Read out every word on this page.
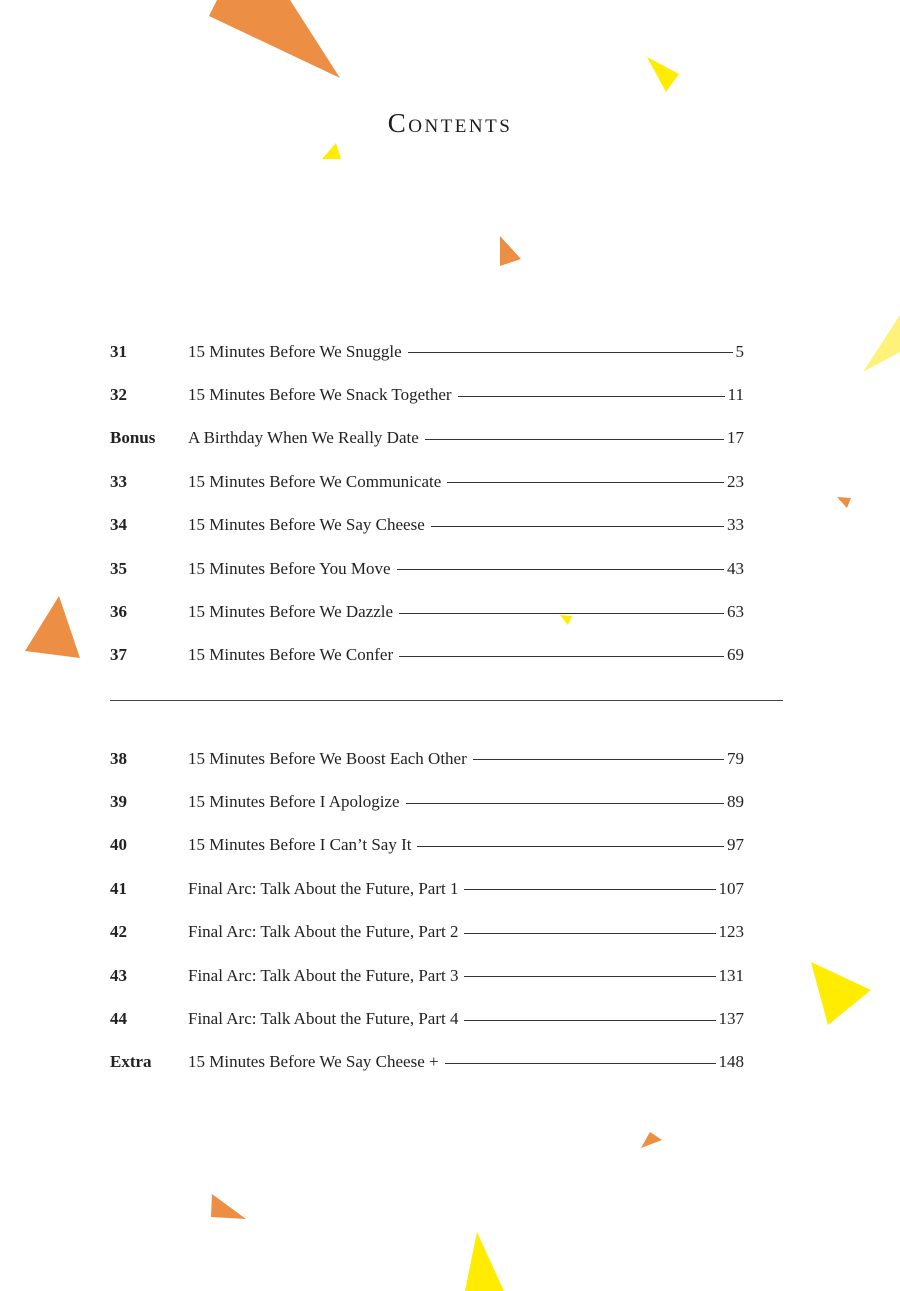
Contents
31	15 Minutes Before We Snuggle	5
32	15 Minutes Before We Snack Together	11
Bonus	A Birthday When We Really Date	17
33	15 Minutes Before We Communicate	23
34	15 Minutes Before We Say Cheese	33
35	15 Minutes Before You Move	43
36	15 Minutes Before We Dazzle	63
37	15 Minutes Before We Confer	69
38	15 Minutes Before We Boost Each Other	79
39	15 Minutes Before I Apologize	89
40	15 Minutes Before I Can’t Say It	97
41	Final Arc: Talk About the Future, Part 1	107
42	Final Arc: Talk About the Future, Part 2	123
43	Final Arc: Talk About the Future, Part 3	131
44	Final Arc: Talk About the Future, Part 4	137
Extra	15 Minutes Before We Say Cheese +	148
